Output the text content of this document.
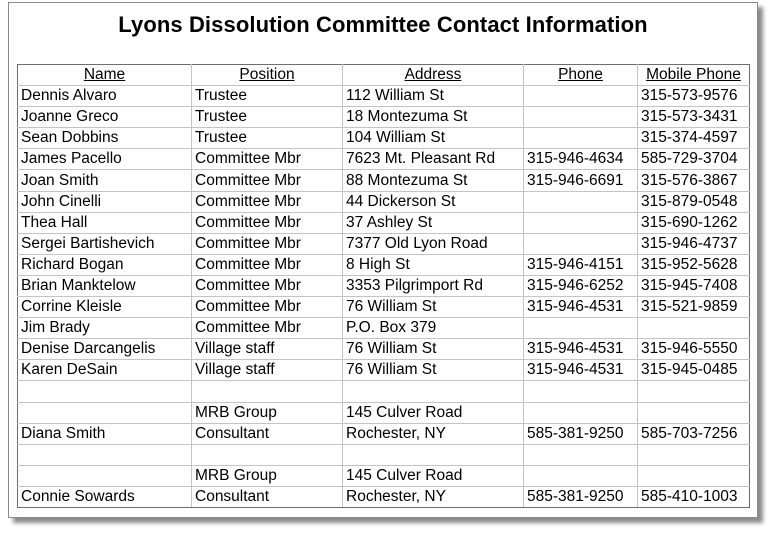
Lyons Dissolution Committee Contact Information
Name	Position	Address	Phone	Mobile Phone
Dennis Alvaro	Trustee	112 William St		315-573-9576
Joanne Greco	Trustee	18 Montezuma St		315-573-3431
Sean Dobbins	Trustee	104 William St		315-374-4597
James Pacello	Committee Mbr	7623 Mt. Pleasant Rd	315-946-4634	585-729-3704
Joan Smith	Committee Mbr	88 Montezuma St	315-946-6691	315-576-3867
John Cinelli	Committee Mbr	44 Dickerson St		315-879-0548
Thea Hall	Committee Mbr	37 Ashley St		315-690-1262
Sergei Bartishevich	Committee Mbr	7377 Old Lyon Road		315-946-4737
Richard Bogan	Committee Mbr	8 High St	315-946-4151	315-952-5628
Brian Manktelow	Committee Mbr	3353 Pilgrimport Rd	315-946-6252	315-945-7408
Corrine Kleisle	Committee Mbr	76 William St	315-946-4531	315-521-9859
Jim Brady	Committee Mbr	P.O. Box 379		
Denise Darcangelis	Village staff	76 William St	315-946-4531	315-946-5550
Karen DeSain	Village staff	76 William St	315-946-4531	315-945-0485

	MRB Group	145 Culver Road		
Diana Smith	Consultant	Rochester, NY	585-381-9250	585-703-7256

	MRB Group	145 Culver Road		
Connie Sowards	Consultant	Rochester, NY	585-381-9250	585-410-1003
